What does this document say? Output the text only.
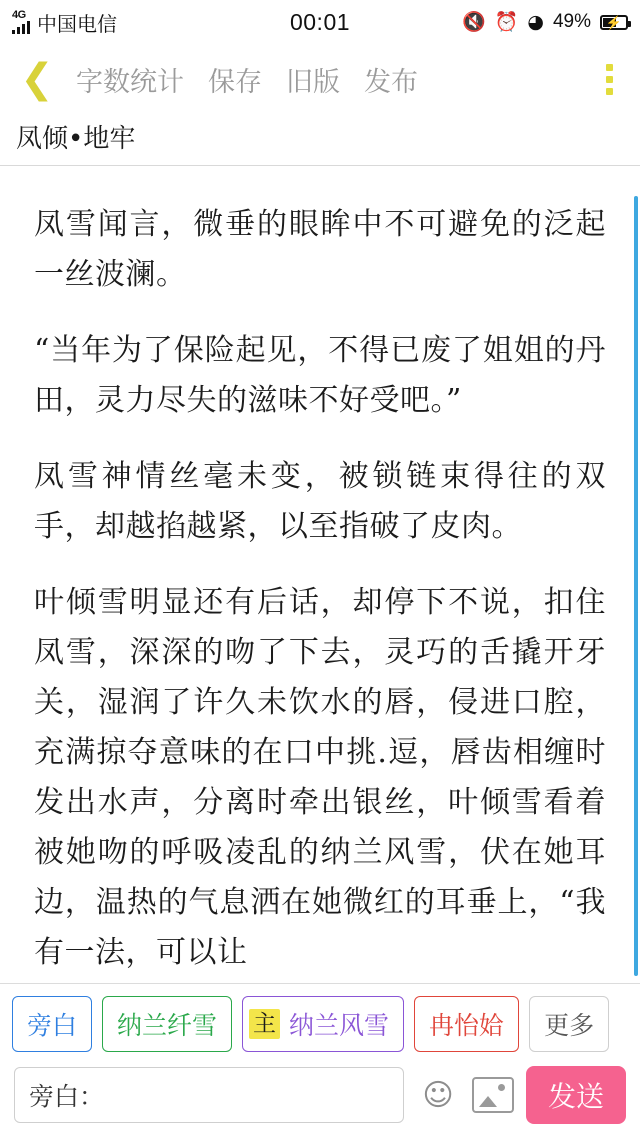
4G 中国电信	00:01	🔇 ⏰ ◕ 49%	⚡
❮ 字数统计 保存 旧版 发布
凤倾•地牢

凤雪闻言，微垂的眼眸中不可避免的泛起一丝波澜。

“当年为了保险起见，不得已废了姐姐的丹田，灵力尽失的滋味不好受吧。”

凤雪神情丝毫未变，被锁链束得往的双手，却越掐越紧，以至指破了皮肉。

叶倾雪明显还有后话，却停下不说，扣住凤雪，深深的吻了下去，灵巧的舌撬开牙关，湿润了许久未饮水的唇，侵进口腔，充满掠夺意味的在口中挑.逗，唇齿相缠时发出水声，分离时牵出银丝，叶倾雪看着被她吻的呼吸凌乱的纳兰风雪，伏在她耳边，温热的气息洒在她微红的耳垂上，“我有一法，可以让

旁白	纳兰纤雪	主 纳兰风雪	冉怡姶	更多
旁白：	☺	发送
